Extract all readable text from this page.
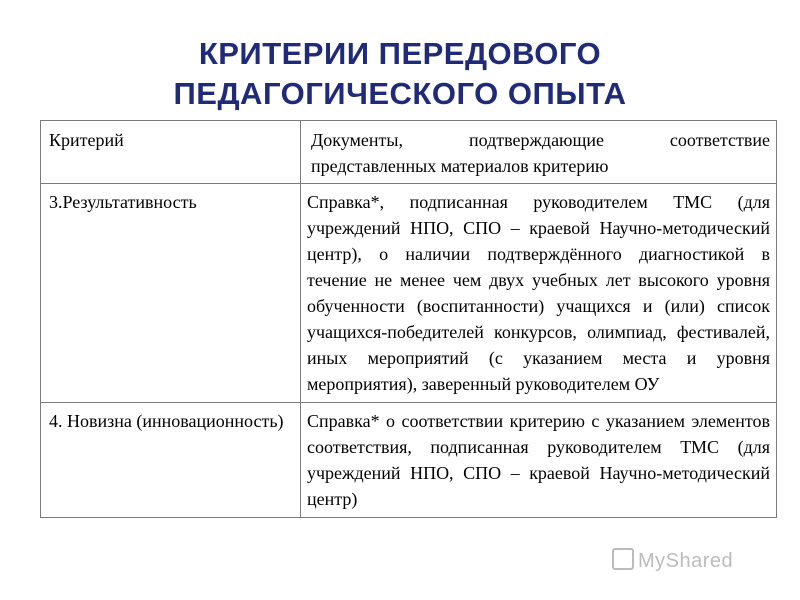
КРИТЕРИИ ПЕРЕДОВОГО
ПЕДАГОГИЧЕСКОГО ОПЫТА
Критерий	Документы, подтверждающие соответствие представленных материалов критерию
3.Результативность	Справка*, подписанная руководителем ТМС (для учреждений НПО, СПО – краевой Научно-методический центр), о наличии подтверждённого диагностикой в течение не менее чем двух учебных лет высокого уровня обученности (воспитанности) учащихся и (или) список учащихся-победителей конкурсов, олимпиад, фестивалей, иных мероприятий (с указанием места и уровня мероприятия), заверенный руководителем ОУ
4. Новизна (инновационность)	Справка* о соответствии критерию с указанием элементов соответствия, подписанная руководителем ТМС (для учреждений НПО, СПО – краевой Научно-методический центр)
MyShared
